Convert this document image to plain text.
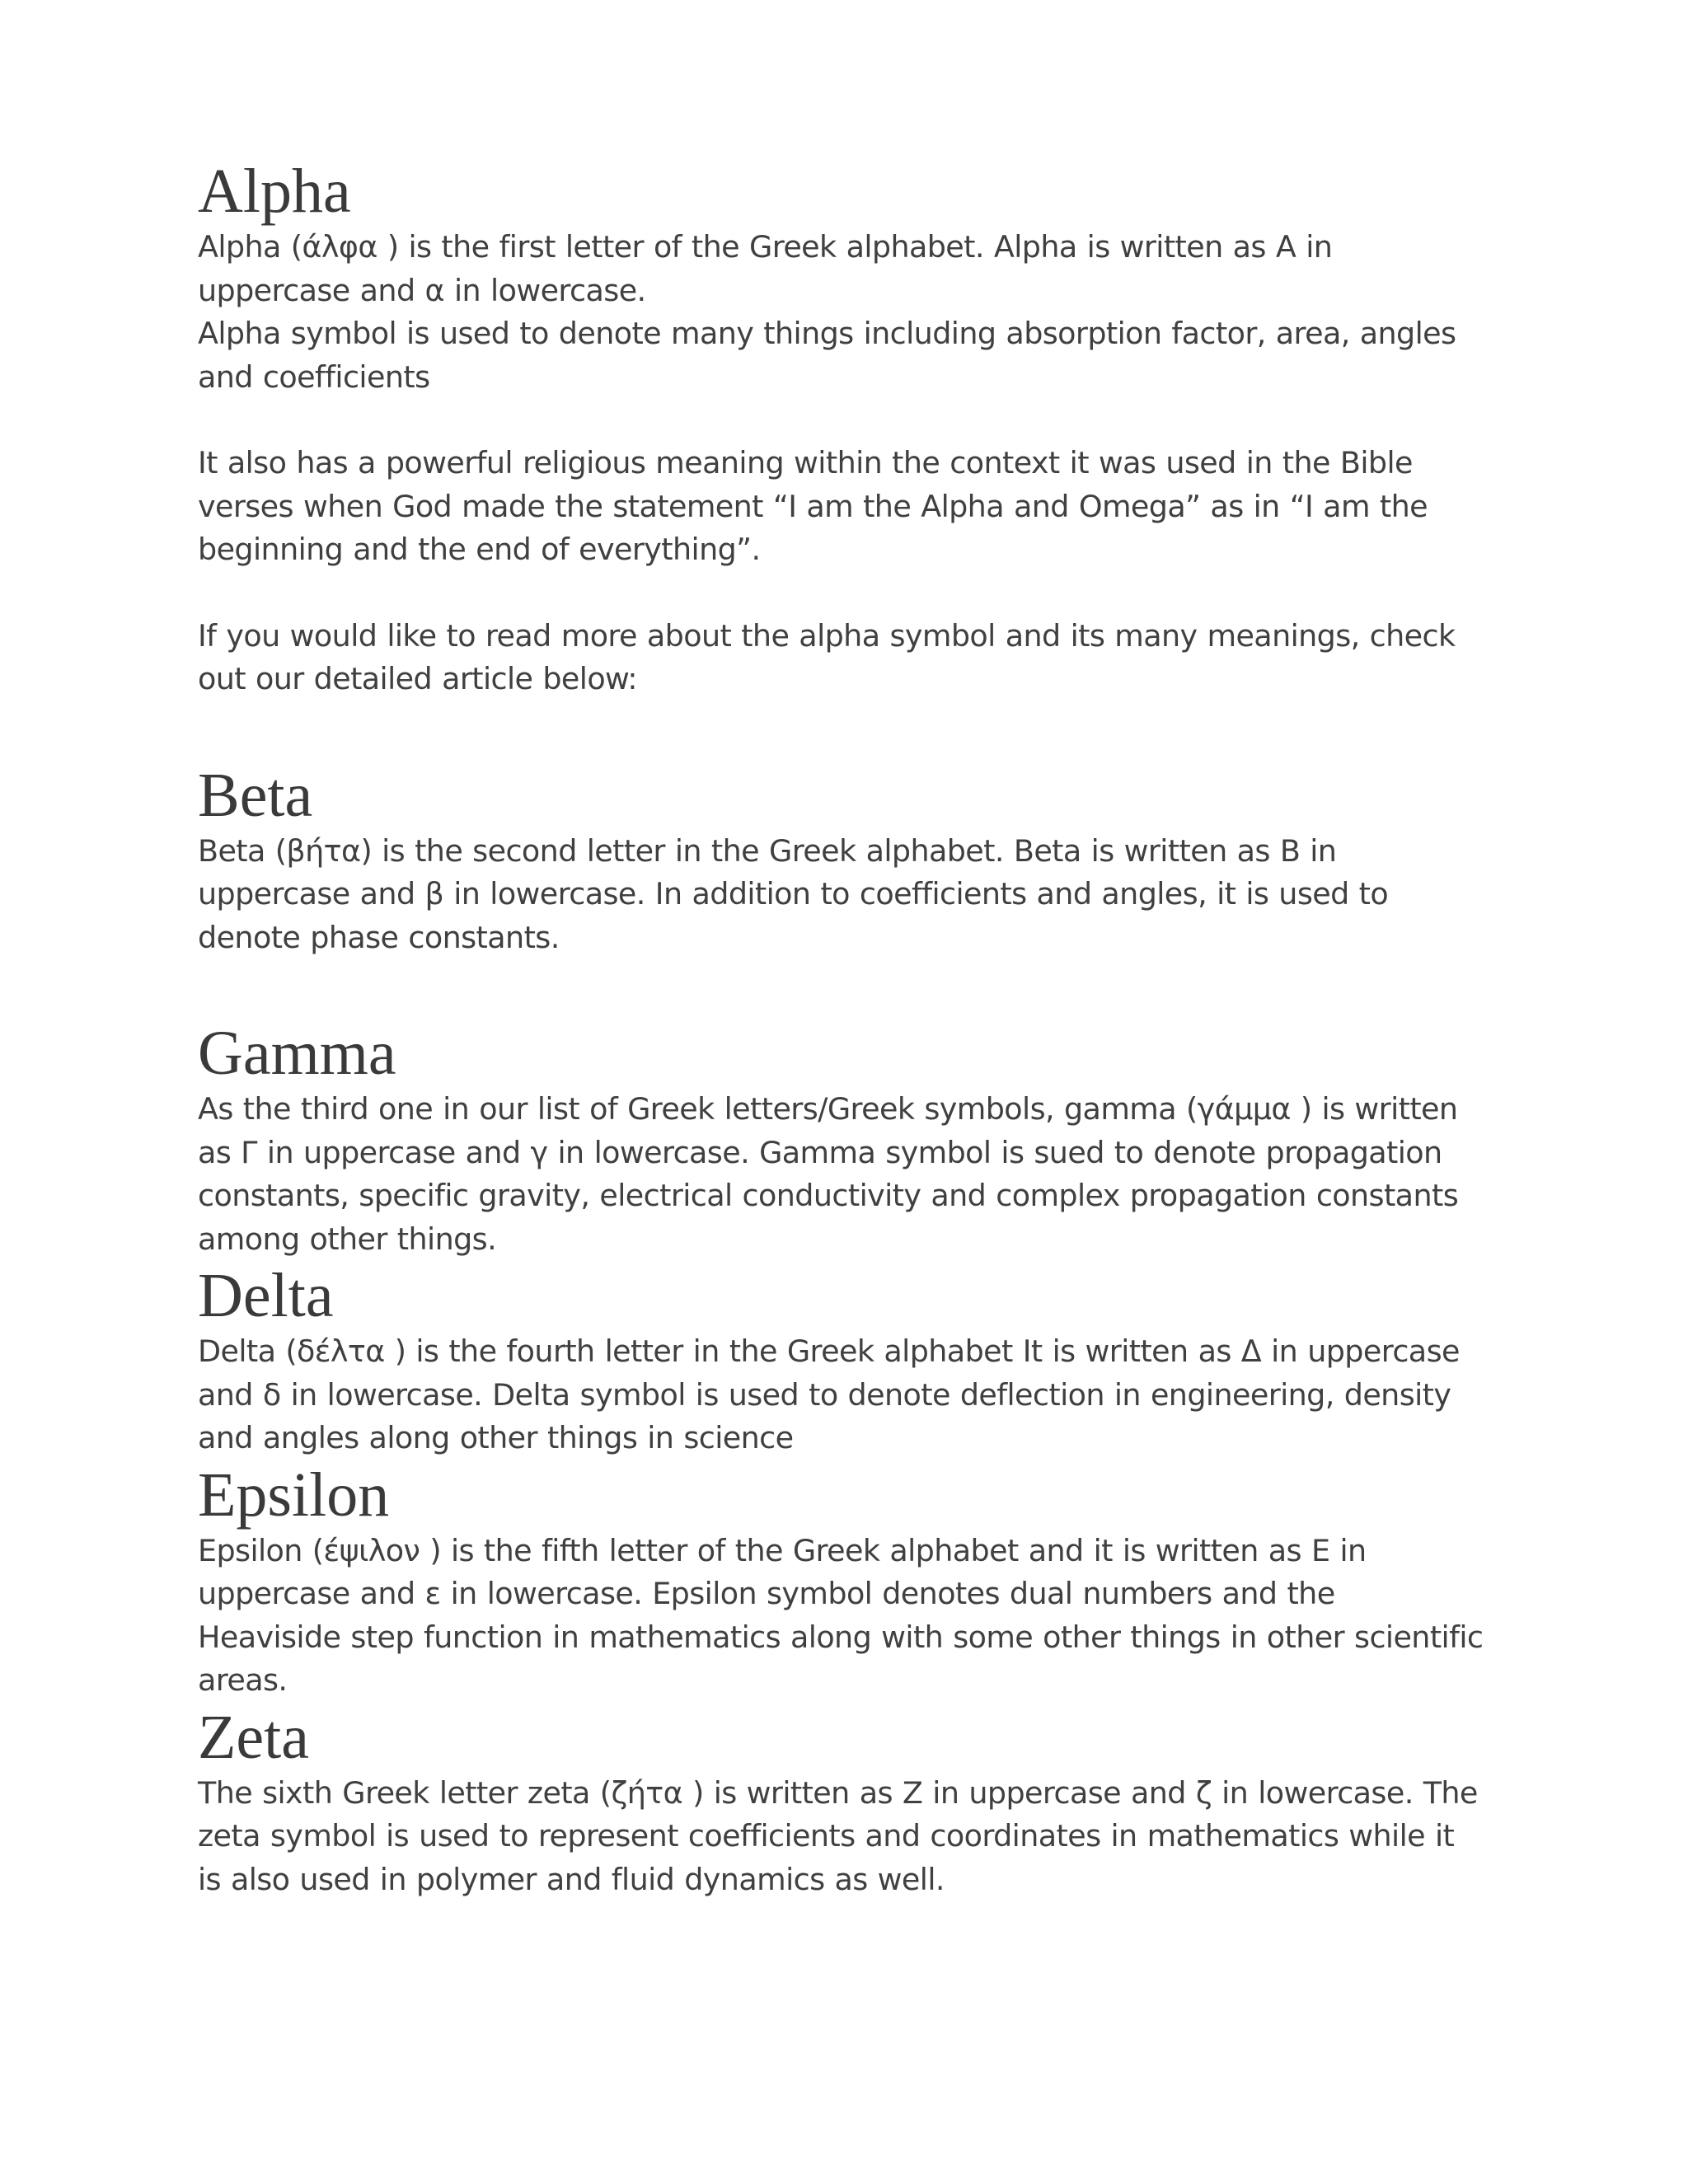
Alpha

Alpha (άλφα ) is the first letter of the Greek alphabet. Alpha is written as A in uppercase and α in lowercase.

Alpha symbol is used to denote many things including absorption factor, area, angles and coefficients

It also has a powerful religious meaning within the context it was used in the Bible verses when God made the statement “I am the Alpha and Omega” as in “I am the beginning and the end of everything”.

If you would like to read more about the alpha symbol and its many meanings, check out our detailed article below:

Beta

Beta (βήτα) is the second letter in the Greek alphabet. Beta is written as B in uppercase and β in lowercase. In addition to coefficients and angles, it is used to denote phase constants.

Gamma

As the third one in our list of Greek letters/Greek symbols, gamma (γάμμα ) is written as Γ in uppercase and γ in lowercase. Gamma symbol is sued to denote propagation constants, specific gravity, electrical conductivity and complex propagation constants among other things.

Delta

Delta (δέλτα ) is the fourth letter in the Greek alphabet It is written as Δ in uppercase and δ in lowercase. Delta symbol is used to denote deflection in engineering, density and angles along other things in science

Epsilon

Epsilon (έψιλον ) is the fifth letter of the Greek alphabet and it is written as E in uppercase and ε in lowercase. Epsilon symbol denotes dual numbers and the Heaviside step function in mathematics along with some other things in other scientific areas.

Zeta

The sixth Greek letter zeta (ζήτα ) is written as Z in uppercase and ζ in lowercase. The zeta symbol is used to represent coefficients and coordinates in mathematics while it is also used in polymer and fluid dynamics as well.
